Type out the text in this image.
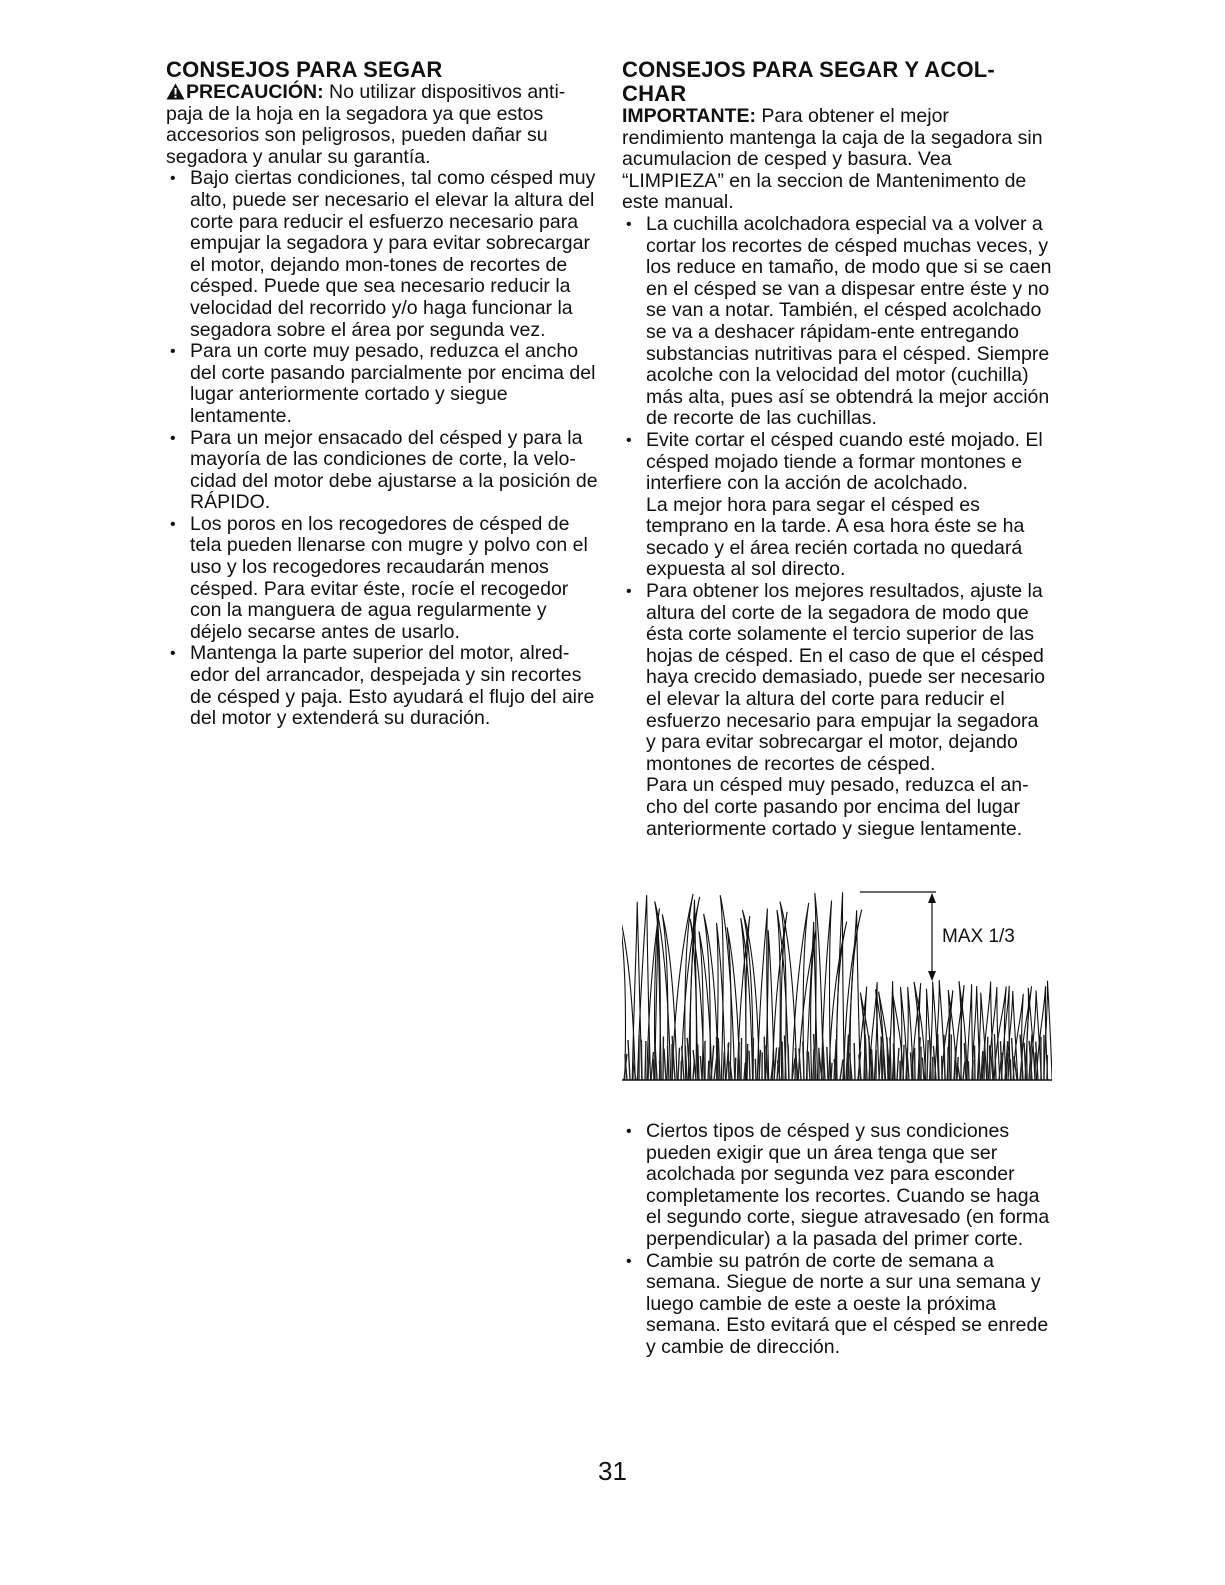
CONSEJOS PARA SEGAR

PRECAUCIÓN: No utilizar dispositivos anti-paja de la hoja en la segadora ya que estos accesorios son peligrosos, pueden dañar su segadora y anular su garantía.

• Bajo ciertas condiciones, tal como césped muy alto, puede ser necesario el elevar la altura del corte para reducir el esfuerzo necesario para empujar la segadora y para evitar sobrecargar el motor, dejando mon-tones de recortes de césped. Puede que sea necesario reducir la velocidad del recorrido y/o haga funcionar la segadora sobre el área por segunda vez.
• Para un corte muy pesado, reduzca el ancho del corte pasando parcialmente por encima del lugar anteriormente cortado y siegue lentamente.
• Para un mejor ensacado del césped y para la mayoría de las condiciones de corte, la velo-cidad del motor debe ajustarse a la posición de RÁPIDO.
• Los poros en los recogedores de césped de tela pueden llenarse con mugre y polvo con el uso y los recogedores recaudarán menos césped. Para evitar éste, rocíe el recogedor con la manguera de agua regularmente y déjelo secarse antes de usarlo.
• Mantenga la parte superior del motor, alred-edor del arrancador, despejada y sin recortes de césped y paja. Esto ayudará el flujo del aire del motor y extenderá su duración.
CONSEJOS PARA SEGAR Y ACOL-CHAR

IMPORTANTE: Para obtener el mejor rendimiento mantenga la caja de la segadora sin acumulacion de cesped y basura. Vea “LIMPIEZA” en la seccion de Mantenimento de este manual.

• La cuchilla acolchadora especial va a volver a cortar los recortes de césped muchas veces, y los reduce en tamaño, de modo que si se caen en el césped se van a dispesar entre éste y no se van a notar. También, el césped acolchado se va a deshacer rápidam-ente entregando substancias nutritivas para el césped. Siempre acolche con la velocidad del motor (cuchilla) más alta, pues así se obtendrá la mejor acción de recorte de las cuchillas.
• Evite cortar el césped cuando esté mojado. El césped mojado tiende a formar montones e interfiere con la acción de acolchado.
La mejor hora para segar el césped es temprano en la tarde. A esa hora éste se ha secado y el área recién cortada no quedará expuesta al sol directo.
• Para obtener los mejores resultados, ajuste la altura del corte de la segadora de modo que ésta corte solamente el tercio superior de las hojas de césped. En el caso de que el césped haya crecido demasiado, puede ser necesario el elevar la altura del corte para reducir el esfuerzo necesario para empujar la segadora y para evitar sobrecargar el motor, dejando montones de recortes de césped.
Para un césped muy pesado, reduzca el an-cho del corte pasando por encima del lugar anteriormente cortado y siegue lentamente.
MAX 1/3
• Ciertos tipos de césped y sus condiciones pueden exigir que un área tenga que ser acolchada por segunda vez para esconder completamente los recortes. Cuando se haga el segundo corte, siegue atravesado (en forma perpendicular) a la pasada del primer corte.
• Cambie su patrón de corte de semana a semana. Siegue de norte a sur una semana y luego cambie de este a oeste la próxima semana. Esto evitará que el césped se enrede y cambie de dirección.
31
